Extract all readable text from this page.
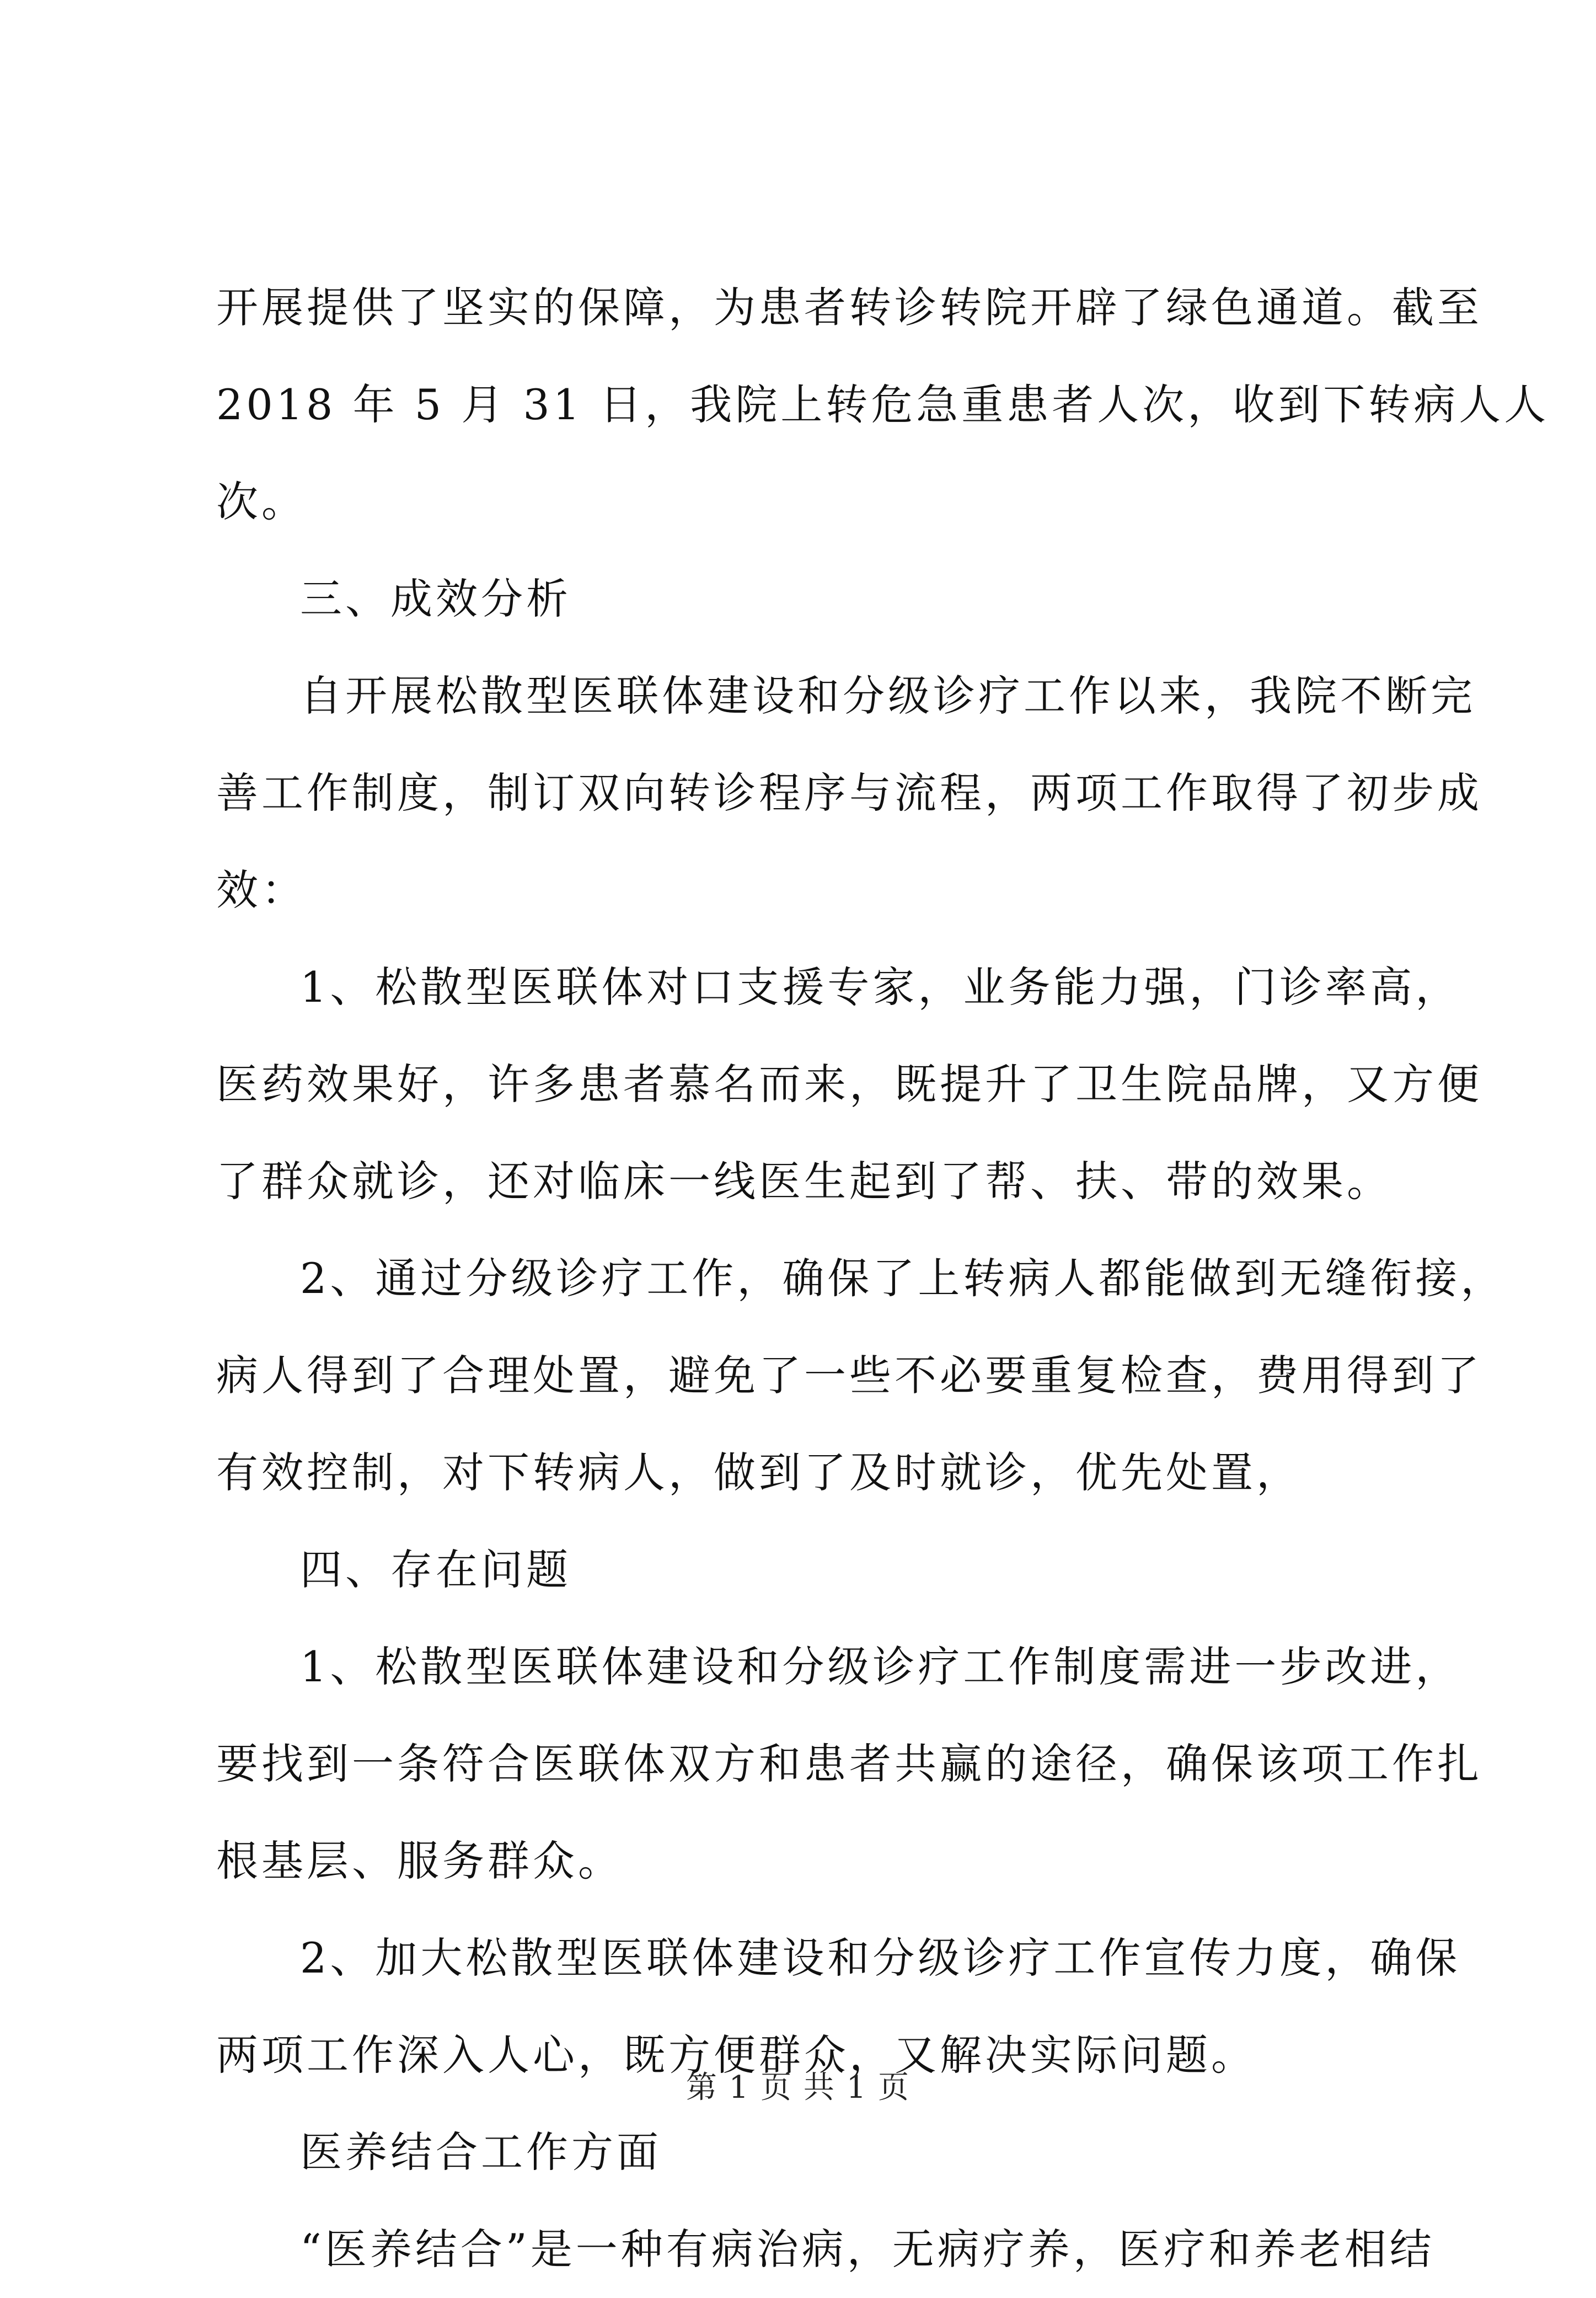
开展提供了坚实的保障，为患者转诊转院开辟了绿色通道。截至
2018 年 5 月 31 日，我院上转危急重患者人次，收到下转病人人
次。
三、成效分析
自开展松散型医联体建设和分级诊疗工作以来，我院不断完
善工作制度，制订双向转诊程序与流程，两项工作取得了初步成
效：
1、松散型医联体对口支援专家，业务能力强，门诊率高，
医药效果好，许多患者慕名而来，既提升了卫生院品牌，又方便
了群众就诊，还对临床一线医生起到了帮、扶、带的效果。
2、通过分级诊疗工作，确保了上转病人都能做到无缝衔接，
病人得到了合理处置，避免了一些不必要重复检查，费用得到了
有效控制，对下转病人，做到了及时就诊，优先处置，
四、存在问题
1、松散型医联体建设和分级诊疗工作制度需进一步改进，
要找到一条符合医联体双方和患者共赢的途径，确保该项工作扎
根基层、服务群众。
2、加大松散型医联体建设和分级诊疗工作宣传力度，确保
两项工作深入人心，既方便群众，又解决实际问题。
医养结合工作方面
“医养结合”是一种有病治病，无病疗养，医疗和养老相结
第 1 页 共 1 页
